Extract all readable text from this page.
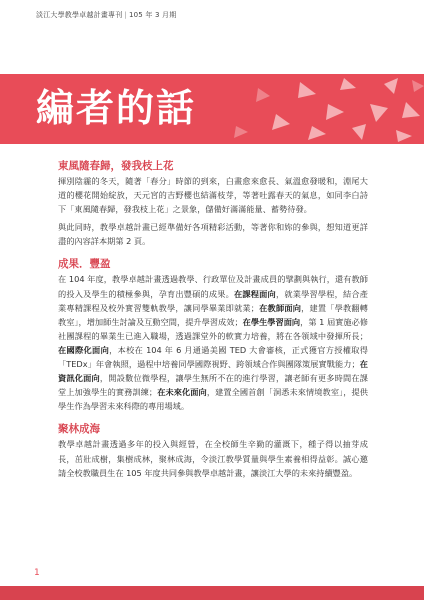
淡江大學教學卓越計畫專刊 | 105 年 3 月期
編者的話
東風隨春歸，發我枝上花

揮別陰霾的冬天，隨著「春分」時節的到來，白畫愈來愈長、氣溫愈發暖和，淵尾大道的櫻花開始綻放，天元宮的吉野櫻也結滿枝芽，等著吐露春天的氣息，如同李白詩下「東風隨春歸，發我枝上花」之景象，儲備好滿滿能量、蓄勢待發。

與此同時，教學卓越計畫已經準備好各項精彩活動，等著你和妳的參與，想知道更詳盡的內容詳本期第 2 頁。

成果．豐盈

在 104 年度，教學卓越計畫透過教學、行政單位及計畫成員的擘劃與執行，還有教師的投入及學生的積極參與，孕育出豐碩的成果。在課程面向，就業學習學程，結合產業專精課程及校外實習雙軌教學，讓同學畢業即就業；在教師面向，建置「學教翻轉教室」，增加師生討論及互動空間，提升學習成效；在學生學習面向，第 1 屆實施必修社團課程的畢業生已進入職場，透過課堂外的軟實力培養，將在各領域中發揮所長；在國際化面向，本校在 104 年 6 月通過美國 TED 大會審核，正式獲官方授權取得「TEDx」年會執照，過程中培養同學國際視野、跨領域合作與團隊策展實戰能力；在資訊化面向，開設數位微學程，讓學生無所不在的進行學習，讓老師有更多時間在課堂上加強學生的實務訓練；在未來化面向，建置全國首創「洞悉未來情境教室」，提供學生作為學習未來科際的專用場域。

聚林成海

教學卓越計畫透過多年的投入與經營，在全校師生辛勤的灌溉下，種子得以抽芽成長，茁壯成樹，集樹成林，聚林成海，令淡江教學質量與學生素養相得益彰。誠心邀請全校教職員生在 105 年度共同參與教學卓越計畫，讓淡江大學的未來持續豐盈。

1
